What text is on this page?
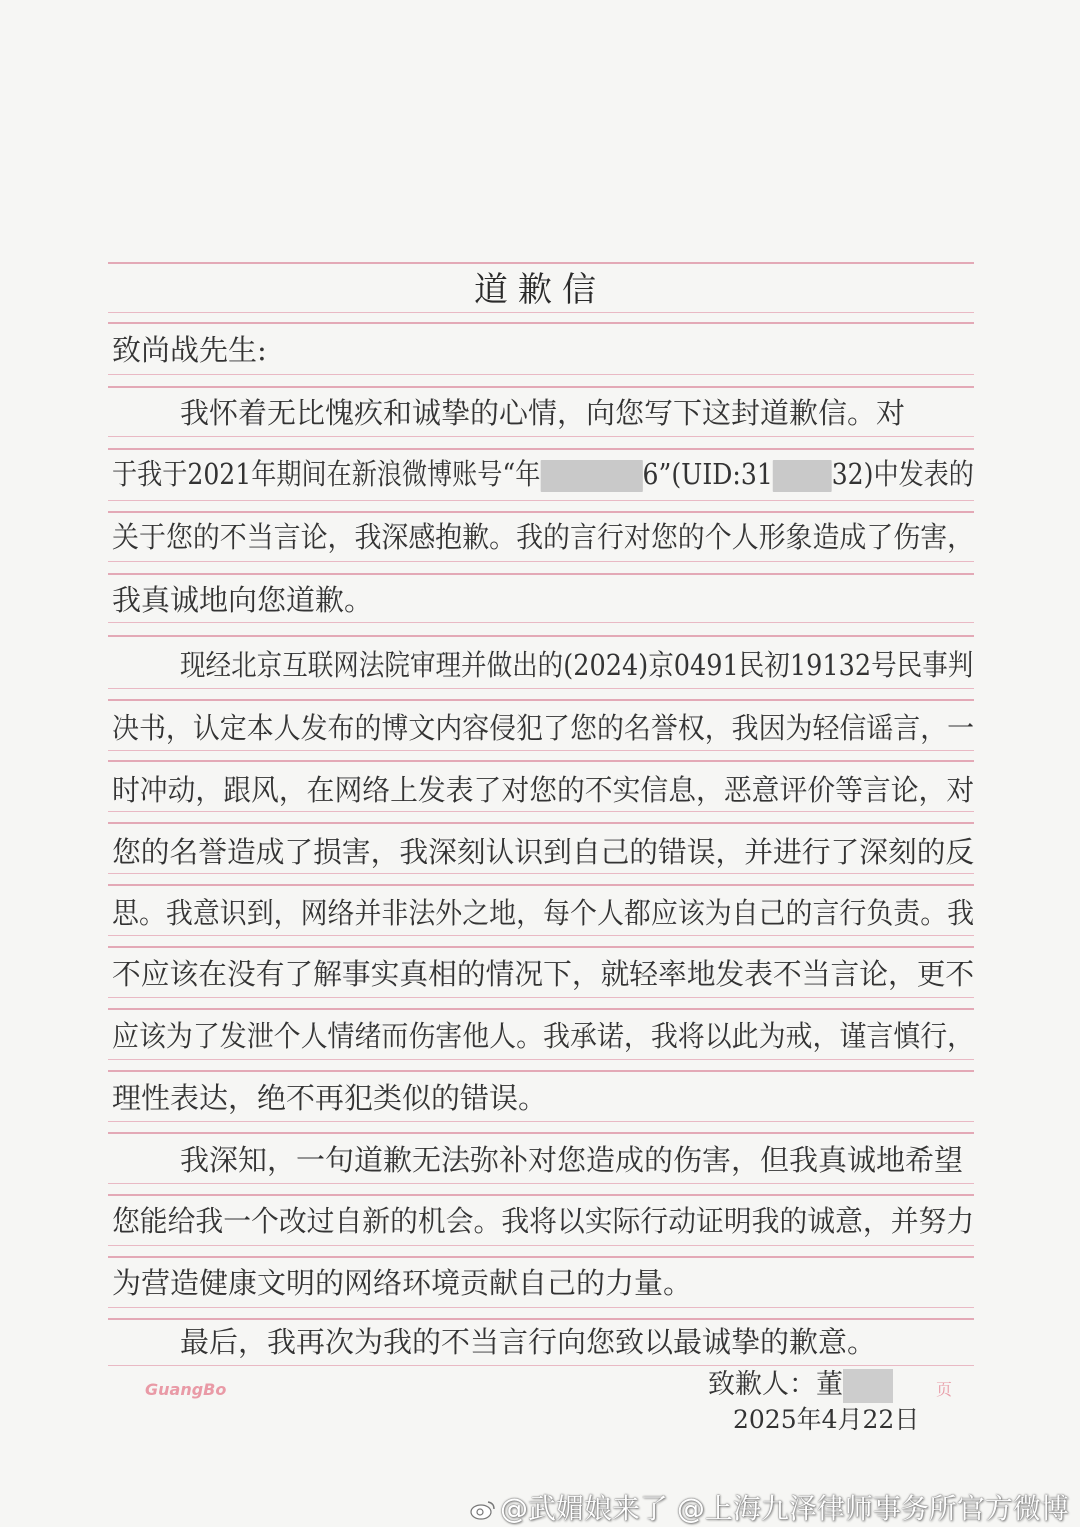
道歉信
致尚战先生:
我怀着无比愧疚和诚挚的心情，向您写下这封道歉信。对
于我于2021年期间在新浪微博账号“年	6”(UID:31 32)中发表的
关于您的不当言论，我深感抱歉。我的言行对您的个人形象造成了伤害，
我真诚地向您道歉。
现经北京互联网法院审理并做出的(2024)京0491民初19132号民事判
决书，认定本人发布的博文内容侵犯了您的名誉权，我因为轻信谣言，一
时冲动，跟风，在网络上发表了对您的不实信息，恶意评价等言论，对
您的名誉造成了损害，我深刻认识到自己的错误，并进行了深刻的反
思。我意识到，网络并非法外之地，每个人都应该为自己的言行负责。我
不应该在没有了解事实真相的情况下，就轻率地发表不当言论，更不
应该为了发泄个人情绪而伤害他人。我承诺，我将以此为戒，谨言慎行，
理性表达，绝不再犯类似的错误。
我深知，一句道歉无法弥补对您造成的伤害，但我真诚地希望
您能给我一个改过自新的机会。我将以实际行动证明我的诚意，并努力
为营造健康文明的网络环境贡献自己的力量。
最后，我再次为我的不当言行向您致以最诚挚的歉意。
GuangBo	页
致歉人：董
2025年4月22日
@武媚娘来了 @上海九泽律师事务所官方微博
